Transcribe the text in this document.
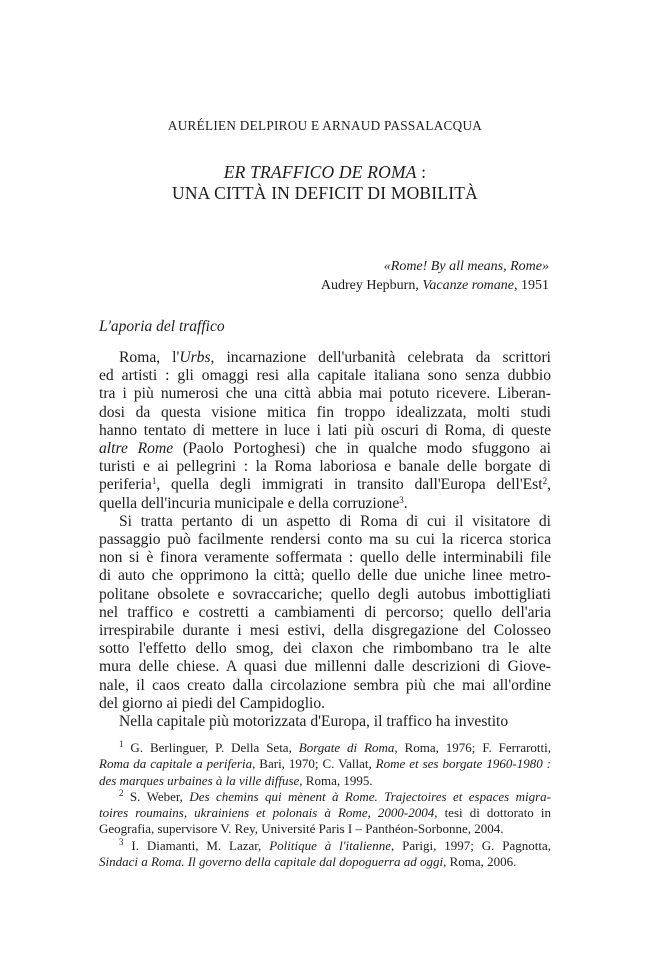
AURÉLIEN DELPIROU E ARNAUD PASSALACQUA
ER TRAFFICO DE ROMA :
UNA CITTÀ IN DEFICIT DI MOBILITÀ
«Rome! By all means, Rome»
Audrey Hepburn, Vacanze romane, 1951
L'aporia del traffico
Roma, l'Urbs, incarnazione dell'urbanità celebrata da scrittori
ed artisti : gli omaggi resi alla capitale italiana sono senza dubbio
tra i più numerosi che una città abbia mai potuto ricevere. Liberan-
dosi da questa visione mitica fin troppo idealizzata, molti studi
hanno tentato di mettere in luce i lati più oscuri di Roma, di queste
altre Rome (Paolo Portoghesi) che in qualche modo sfuggono ai
turisti e ai pellegrini : la Roma laboriosa e banale delle borgate di
periferia$^1$, quella degli immigrati in transito dall'Europa dell'Est$^2$,
quella dell'incuria municipale e della corruzione$^3$.
Si tratta pertanto di un aspetto di Roma di cui il visitatore di
passaggio può facilmente rendersi conto ma su cui la ricerca storica
non si è finora veramente soffermata : quello delle interminabili file
di auto che opprimono la città; quello delle due uniche linee metro-
politane obsolete e sovraccariche; quello degli autobus imbottigliati
nel traffico e costretti a cambiamenti di percorso; quello dell'aria
irrespirabile durante i mesi estivi, della disgregazione del Colosseo
sotto l'effetto dello smog, dei claxon che rimbombano tra le alte
mura delle chiese. A quasi due millenni dalle descrizioni di Giove-
nale, il caos creato dalla circolazione sembra più che mai all'ordine
del giorno ai piedi del Campidoglio.
Nella capitale più motorizzata d'Europa, il traffico ha investito
$^1$ G. Berlinguer, P. Della Seta, Borgate di Roma, Roma, 1976; F. Ferrarotti,
Roma da capitale a periferia, Bari, 1970; C. Vallat, Rome et ses borgate 1960-1980 :
des marques urbaines à la ville diffuse, Roma, 1995.
$^2$ S. Weber, Des chemins qui mènent à Rome. Trajectoires et espaces migra-
toires roumains, ukrainiens et polonais à Rome, 2000-2004, tesi di dottorato in
Geografia, supervisore V. Rey, Université Paris I – Panthéon-Sorbonne, 2004.
$^3$ I. Diamanti, M. Lazar, Politique à l'italienne, Parigi, 1997; G. Pagnotta,
Sindaci a Roma. Il governo della capitale dal dopoguerra ad oggi, Roma, 2006.
